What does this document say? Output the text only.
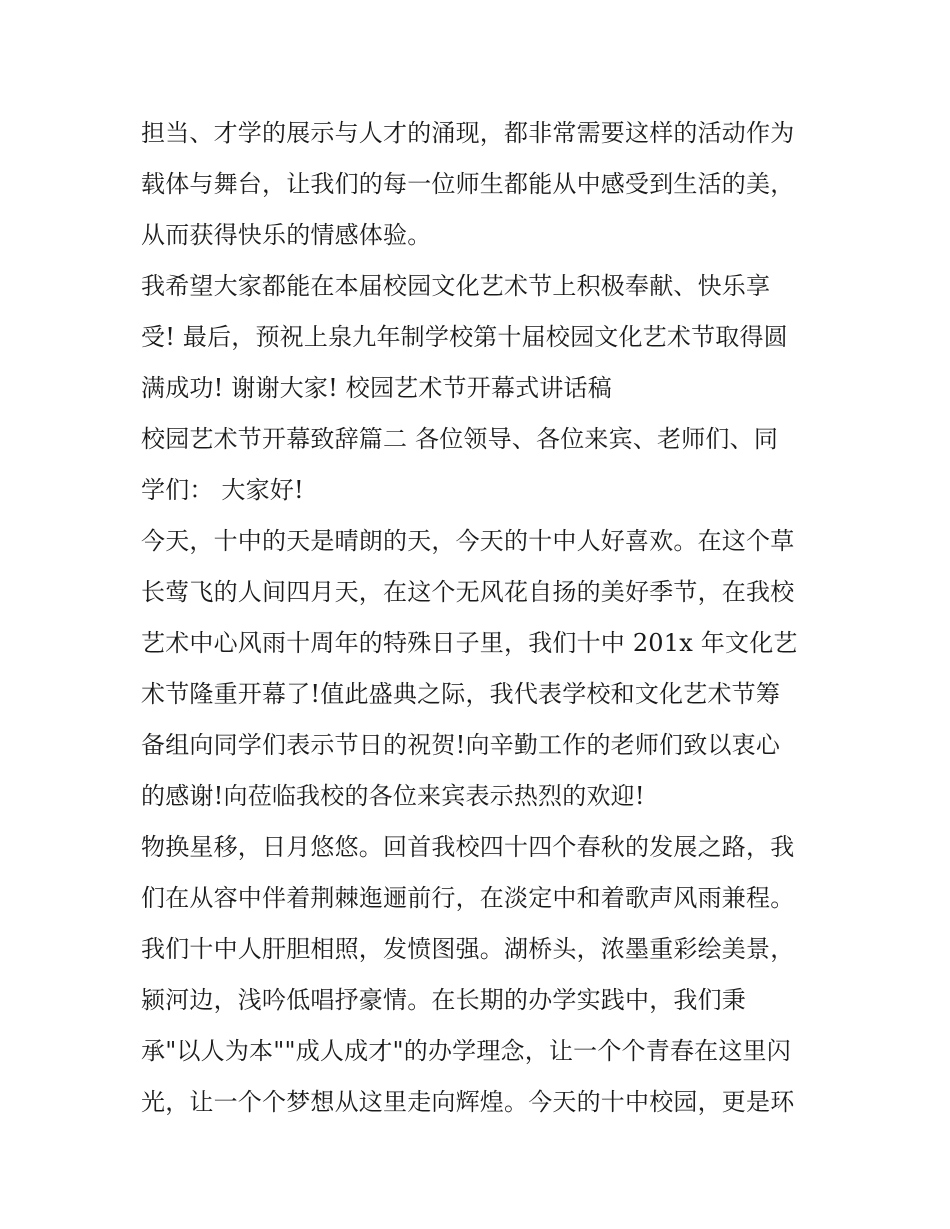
担当、才学的展示与人才的涌现，都非常需要这样的活动作为
载体与舞台，让我们的每一位师生都能从中感受到生活的美，
从而获得快乐的情感体验。
我希望大家都能在本届校园文化艺术节上积极奉献、快乐享
受! 最后，预祝上泉九年制学校第十届校园文化艺术节取得圆
满成功! 谢谢大家! 校园艺术节开幕式讲话稿
校园艺术节开幕致辞篇二 各位领导、各位来宾、老师们、同
学们： 大家好!
今天，十中的天是晴朗的天，今天的十中人好喜欢。在这个草
长莺飞的人间四月天，在这个无风花自扬的美好季节，在我校
艺术中心风雨十周年的特殊日子里，我们十中 201x 年文化艺
术节隆重开幕了!值此盛典之际，我代表学校和文化艺术节筹
备组向同学们表示节日的祝贺!向辛勤工作的老师们致以衷心
的感谢!向莅临我校的各位来宾表示热烈的欢迎!
物换星移，日月悠悠。回首我校四十四个春秋的发展之路，我
们在从容中伴着荆棘迤逦前行，在淡定中和着歌声风雨兼程。
我们十中人肝胆相照，发愤图强。湖桥头，浓墨重彩绘美景，
颍河边，浅吟低唱抒豪情。在长期的办学实践中，我们秉
承"以人为本""成人成才"的办学理念，让一个个青春在这里闪
光，让一个个梦想从这里走向辉煌。今天的十中校园，更是环
